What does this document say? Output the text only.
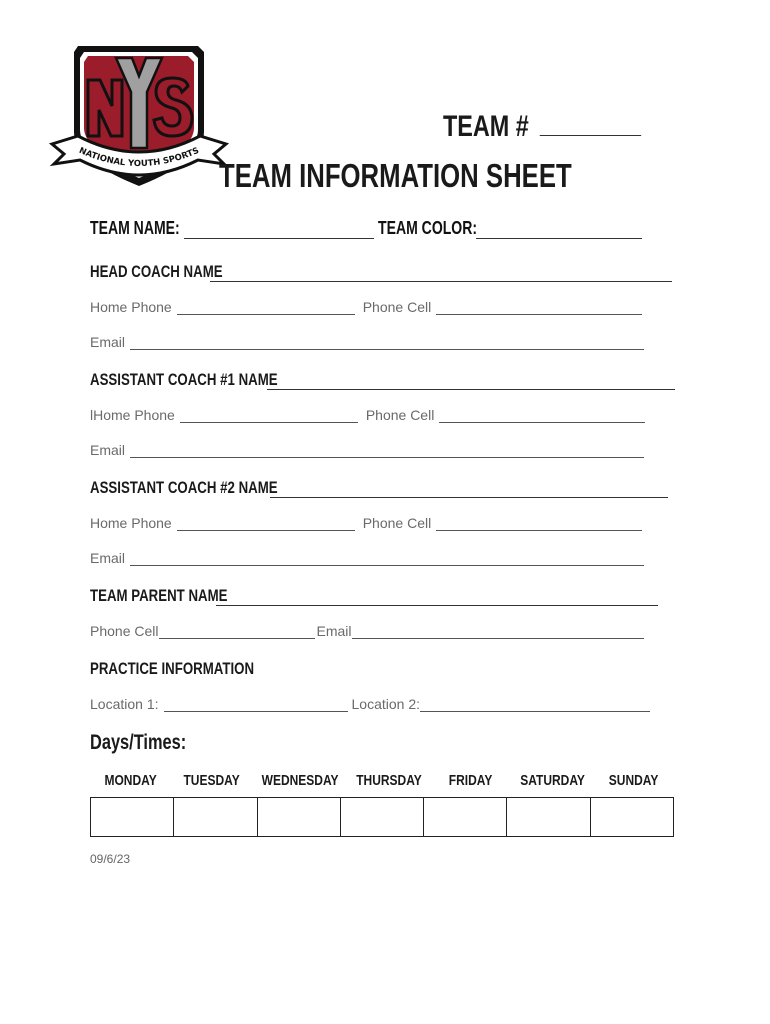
NATIONAL YOUTH SPORTS
TEAM #
TEAM INFORMATION SHEET
TEAM NAME:	TEAM COLOR:
HEAD COACH NAME
Home Phone	Phone Cell
Email
ASSISTANT COACH #1 NAME
lHome Phone	Phone Cell
Email
ASSISTANT COACH #2 NAME
Home Phone	Phone Cell
Email
TEAM PARENT NAME
Phone Cell	Email
PRACTICE INFORMATION
Location 1:	Location 2:
Days/Times:
MONDAY	TUESDAY WEDNESDAY THURSDAY	FRIDAY	SATURDAY	SUNDAY
09/6/23
